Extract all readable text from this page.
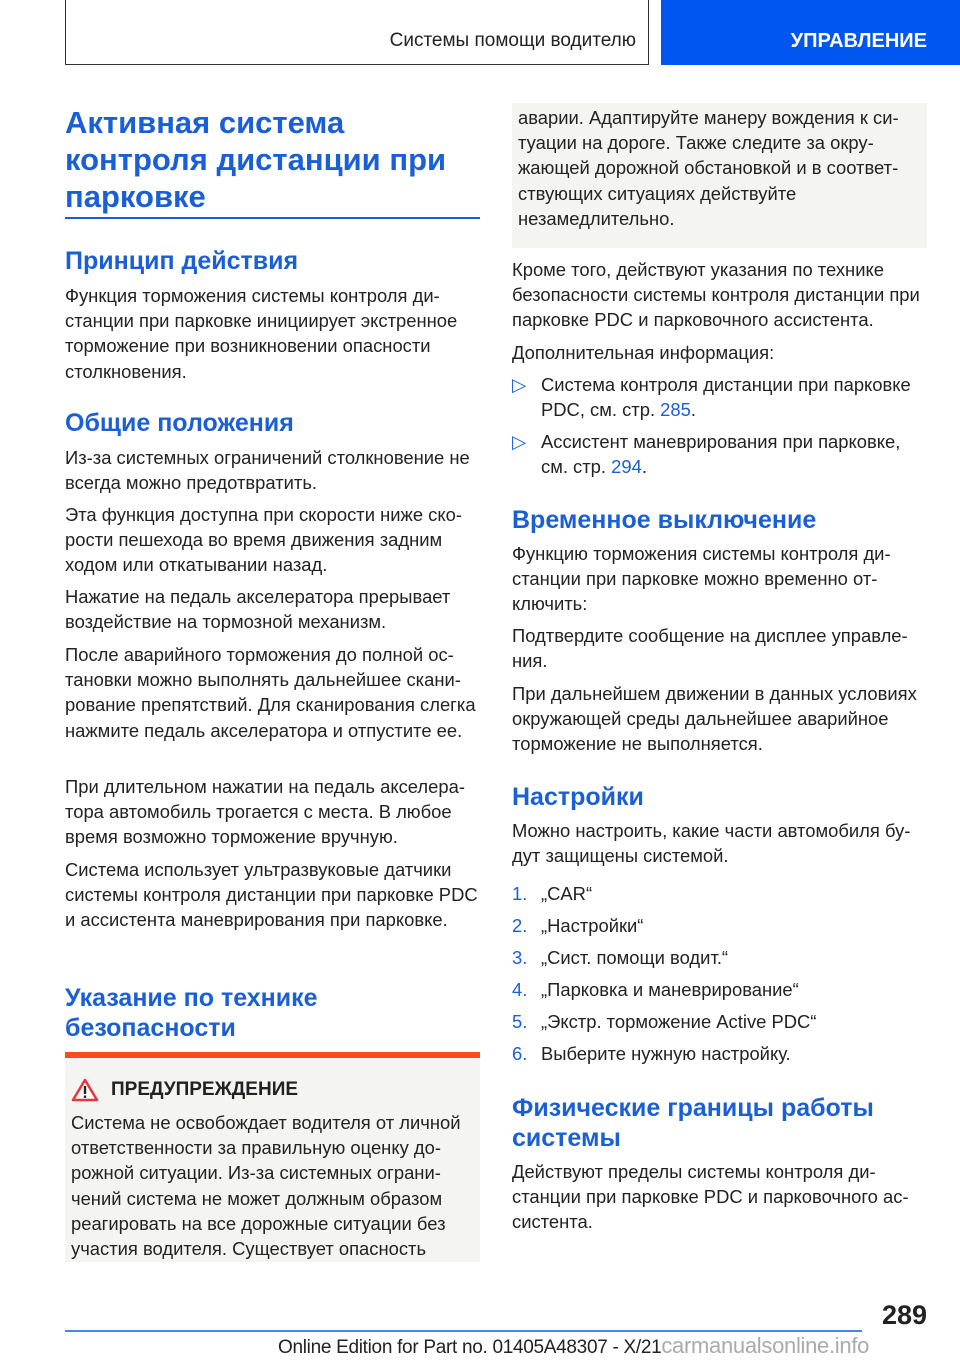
Системы помощи водителю	УПРАВЛЕНИЕ
Активная система контроля дистанции при парковке
Принцип действия

Функция торможения системы контроля дистанции при парковке инициирует экстренное торможение при возникновении опасности столкновения.

Общие положения

Из-за системных ограничений столкновение не всегда можно предотвратить.

Эта функция доступна при скорости ниже скорости пешехода во время движения задним ходом или откатывании назад.

Нажатие на педаль акселератора прерывает воздействие на тормозной механизм.

После аварийного торможения до полной остановки можно выполнять дальнейшее сканирование препятствий. Для сканирования слегка нажмите педаль акселератора и отпустите ее.

При длительном нажатии на педаль акселератора автомобиль трогается с места. В любое время возможно торможение вручную.

Система использует ультразвуковые датчики системы контроля дистанции при парковке PDC и ассистента маневрирования при парковке.

Указание по технике безопасности
ПРЕДУПРЕЖДЕНИЕ

Система не освобождает водителя от личной ответственности за правильную оценку дорожной ситуации. Из-за системных ограничений система не может должным образом реагировать на все дорожные ситуации без участия водителя. Существует опасность

аварии. Адаптируйте манеру вождения к ситуации на дороге. Также следите за окружающей дорожной обстановкой и в соответствующих ситуациях действуйте незамедлительно.

Кроме того, действуют указания по технике безопасности системы контроля дистанции при парковке PDC и парковочного ассистента.

Дополнительная информация:

▷ Система контроля дистанции при парковке PDC, см. стр. 285.
▷ Ассистент маневрирования при парковке, см. стр. 294.
Временное выключение

Функцию торможения системы контроля дистанции при парковке можно временно отключить:

Подтвердите сообщение на дисплее управления.

При дальнейшем движении в данных условиях окружающей среды дальнейшее аварийное торможение не выполняется.

Настройки

Можно настроить, какие части автомобиля будут защищены системой.

1. „CAR“
2. „Настройки“
3. „Сист. помощи водит.“
4. „Парковка и маневрирование“
5. „Экстр. торможение Active PDC“
6. Выберите нужную настройку.
Физические границы работы системы

Действуют пределы системы контроля дистанции при парковке PDC и парковочного ассистента.

289
Online Edition for Part no. 01405A48307 - X/21carmanualsonline.info
